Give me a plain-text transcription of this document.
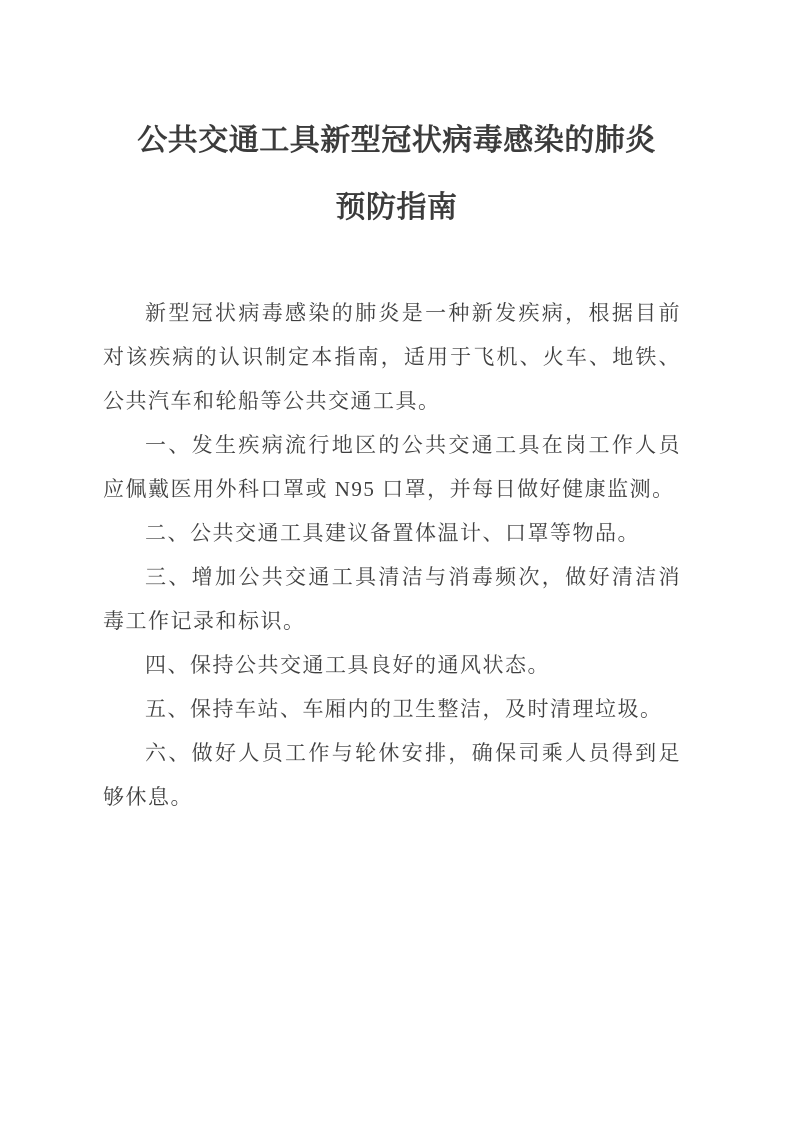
公共交通工具新型冠状病毒感染的肺炎
预防指南

新型冠状病毒感染的肺炎是一种新发疾病，根据目前对该疾病的认识制定本指南，适用于飞机、火车、地铁、公共汽车和轮船等公共交通工具。

一、发生疾病流行地区的公共交通工具在岗工作人员应佩戴医用外科口罩或 N95 口罩，并每日做好健康监测。

二、公共交通工具建议备置体温计、口罩等物品。

三、增加公共交通工具清洁与消毒频次，做好清洁消毒工作记录和标识。

四、保持公共交通工具良好的通风状态。

五、保持车站、车厢内的卫生整洁，及时清理垃圾。

六、做好人员工作与轮休安排，确保司乘人员得到足够休息。
